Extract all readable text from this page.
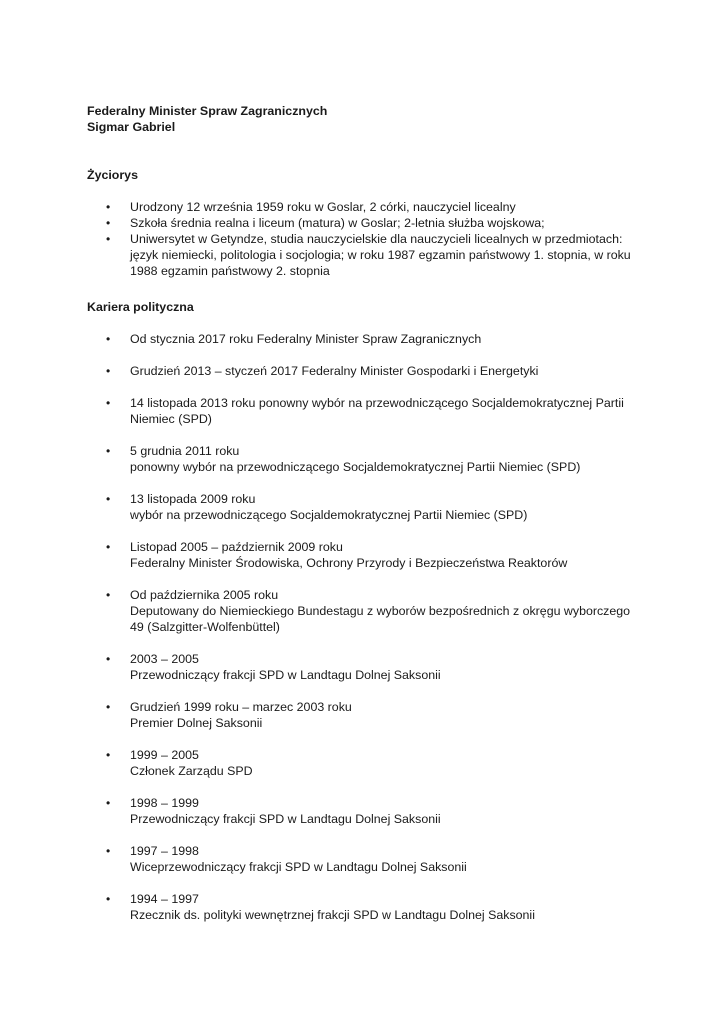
Federalny Minister Spraw Zagranicznych
Sigmar Gabriel
Życiorys
• Urodzony 12 września 1959 roku w Goslar, 2 córki, nauczyciel licealny
• Szkoła średnia realna i liceum (matura) w Goslar; 2-letnia służba wojskowa;
• Uniwersytet w Getyndze, studia nauczycielskie dla nauczycieli licealnych w przedmiotach:
język niemiecki, politologia i socjologia; w roku 1987 egzamin państwowy 1. stopnia, w roku
1988 egzamin państwowy 2. stopnia
Kariera polityczna
• Od stycznia 2017 roku Federalny Minister Spraw Zagranicznych
• Grudzień 2013 – styczeń 2017 Federalny Minister Gospodarki i Energetyki
• 14 listopada 2013 roku ponowny wybór na przewodniczącego Socjaldemokratycznej Partii
Niemiec (SPD)
• 5 grudnia 2011 roku
ponowny wybór na przewodniczącego Socjaldemokratycznej Partii Niemiec (SPD)
• 13 listopada 2009 roku
wybór na przewodniczącego Socjaldemokratycznej Partii Niemiec (SPD)
• Listopad 2005 – październik 2009 roku
Federalny Minister Środowiska, Ochrony Przyrody i Bezpieczeństwa Reaktorów
• Od października 2005 roku
Deputowany do Niemieckiego Bundestagu z wyborów bezpośrednich z okręgu wyborczego
49 (Salzgitter-Wolfenbüttel)
• 2003 – 2005
Przewodniczący frakcji SPD w Landtagu Dolnej Saksonii
• Grudzień 1999 roku – marzec 2003 roku
Premier Dolnej Saksonii
• 1999 – 2005
Członek Zarządu SPD
• 1998 – 1999
Przewodniczący frakcji SPD w Landtagu Dolnej Saksonii
• 1997 – 1998
Wiceprzewodniczący frakcji SPD w Landtagu Dolnej Saksonii
• 1994 – 1997
Rzecznik ds. polityki wewnętrznej frakcji SPD w Landtagu Dolnej Saksonii
